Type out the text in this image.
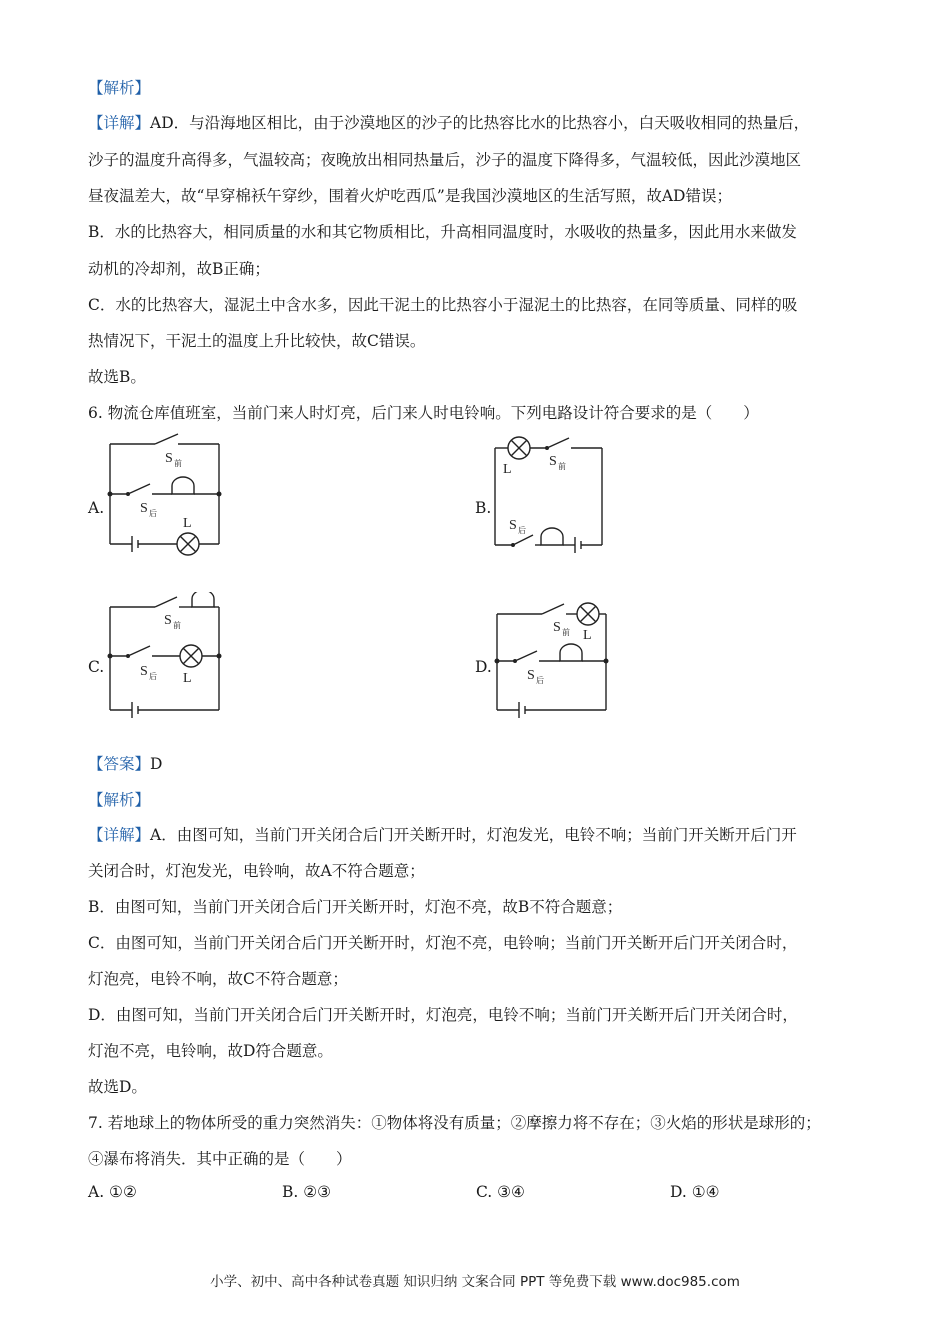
【解析】
【详解】AD．与沿海地区相比，由于沙漠地区的沙子的比热容比水的比热容小，白天吸收相同的热量后，
沙子的温度升高得多，气温较高；夜晚放出相同热量后，沙子的温度下降得多，气温较低，因此沙漠地区
昼夜温差大，故“早穿棉袄午穿纱，围着火炉吃西瓜”是我国沙漠地区的生活写照，故AD错误；
B．水的比热容大，相同质量的水和其它物质相比，升高相同温度时，水吸收的热量多，因此用水来做发
动机的冷却剂，故B正确；
C．水的比热容大，湿泥土中含水多，因此干泥土的比热容小于湿泥土的比热容，在同等质量、同样的吸
热情况下，干泥土的温度上升比较快，故C错误。
故选B。
6. 物流仓库值班室，当前门来人时灯亮，后门来人时电铃响。下列电路设计符合要求的是（　　）
A.	B.
C.	D.
S 前
S 后
L
L
S 前
S 后
S 前
S 后 L
S 前 L
S 后
【答案】D
【解析】
【详解】A．由图可知，当前门开关闭合后门开关断开时，灯泡发光，电铃不响；当前门开关断开后门开
关闭合时，灯泡发光，电铃响，故A不符合题意；
B．由图可知，当前门开关闭合后门开关断开时，灯泡不亮，故B不符合题意；
C．由图可知，当前门开关闭合后门开关断开时，灯泡不亮，电铃响；当前门开关断开后门开关闭合时，
灯泡亮，电铃不响，故C不符合题意；
D．由图可知，当前门开关闭合后门开关断开时，灯泡亮，电铃不响；当前门开关断开后门开关闭合时，
灯泡不亮，电铃响，故D符合题意。
故选D。
7. 若地球上的物体所受的重力突然消失：①物体将没有质量；②摩擦力将不存在；③火焰的形状是球形的；
④瀑布将消失．其中正确的是（　　）
A. ①②	B. ②③	C. ③④	D. ①④
小学、初中、高中各种试卷真题 知识归纳 文案合同 PPT 等免费下载 www.doc985.com
